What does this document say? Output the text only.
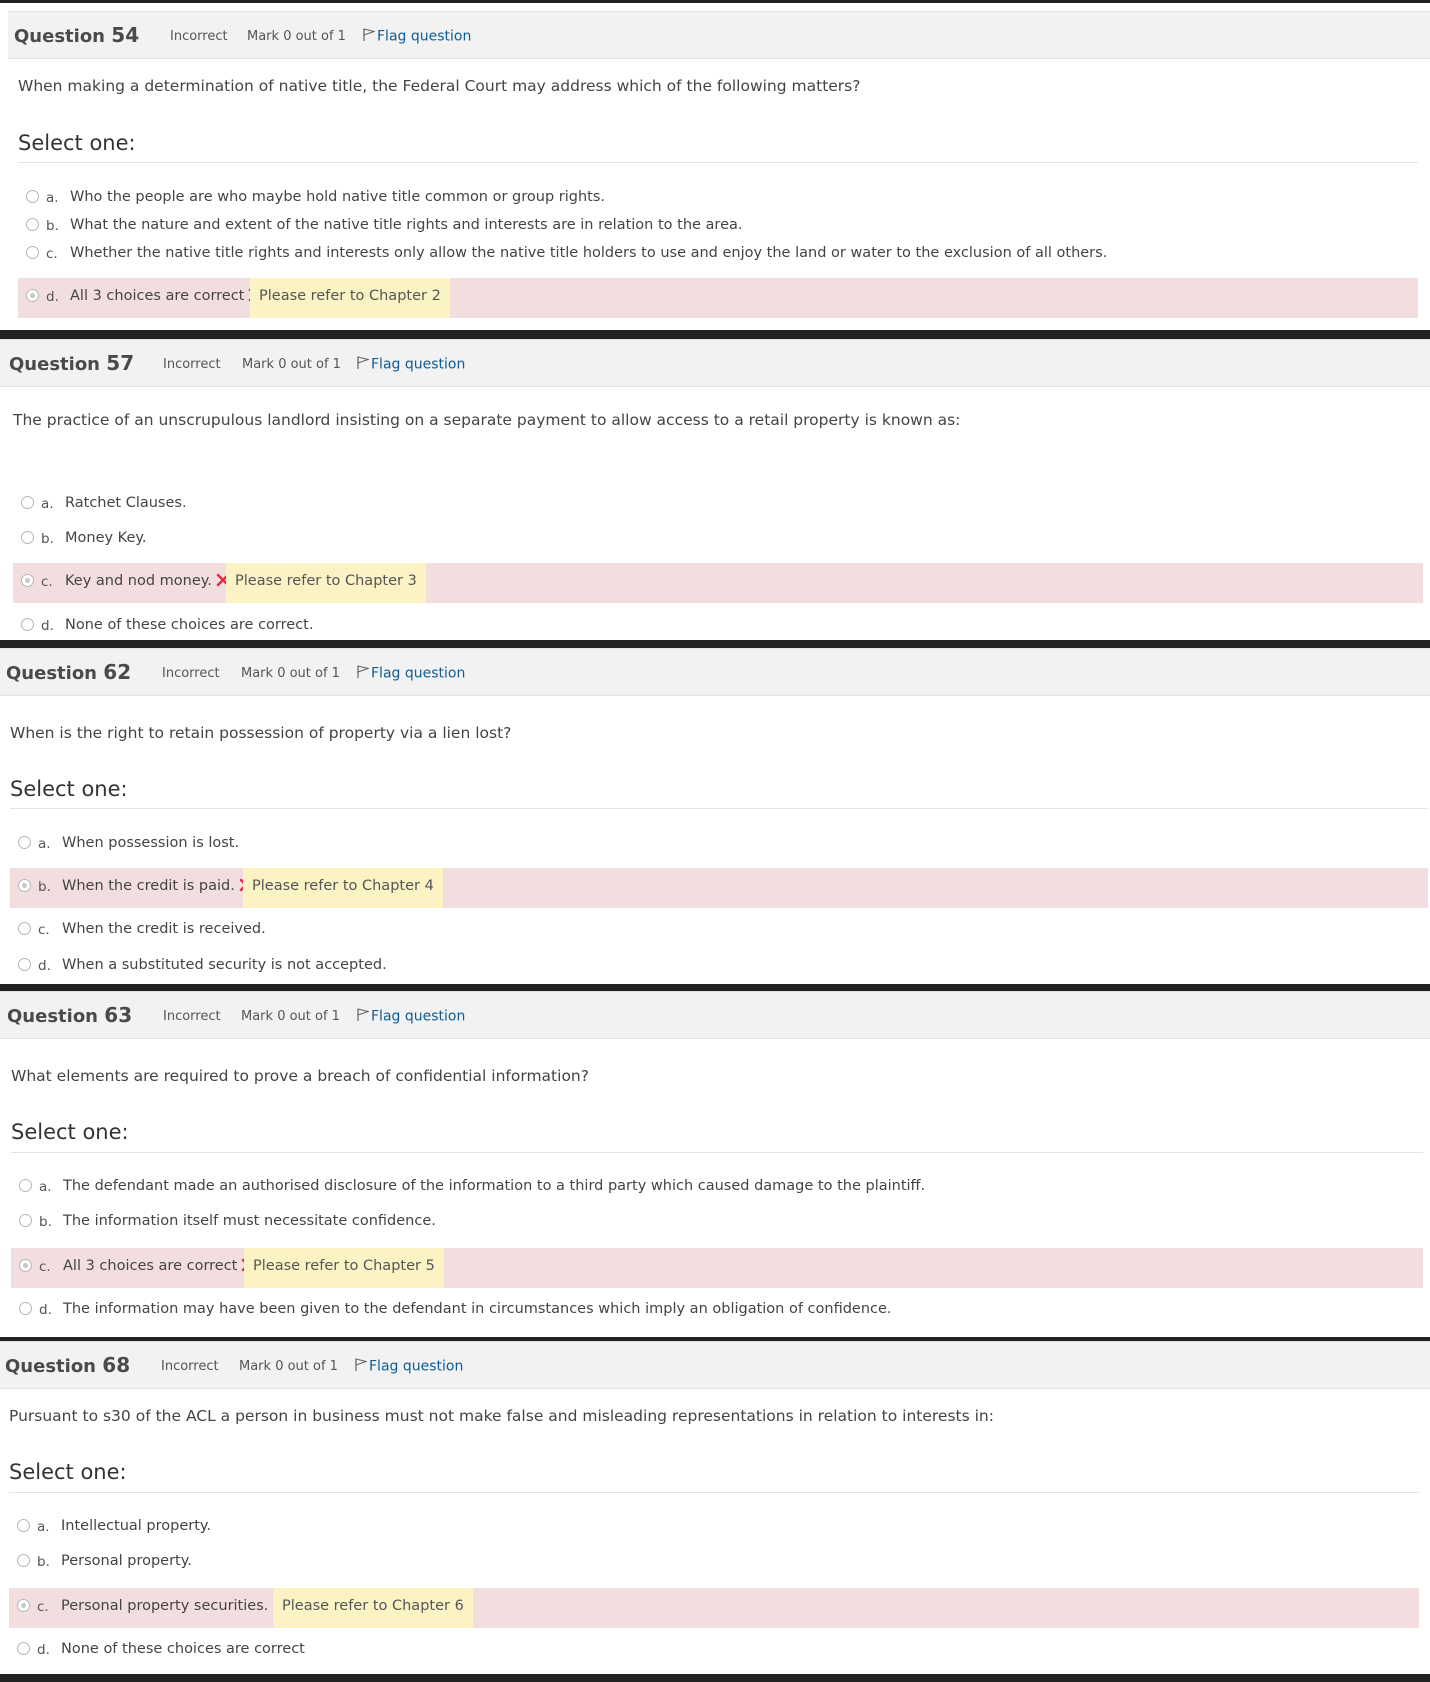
Question 54 Incorrect Mark 0 out of 1	Flag question
When making a determination of native title, the Federal Court may address which of the following matters?
Select one:
a. Who the people are who maybe hold native title common or group rights.
b. What the nature and extent of the native title rights and interests are in relation to the area.
c. Whether the native title rights and interests only allow the native title holders to use and enjoy the land or water to the exclusion of all others.
d. All 3 choices are correct	Please refer to Chapter 2
Question 57 Incorrect Mark 0 out of 1	Flag question
The practice of an unscrupulous landlord insisting on a separate payment to allow access to a retail property is known as:
a. Ratchet Clauses.
b. Money Key.
c. Key and nod money.	Please refer to Chapter 3
d. None of these choices are correct.
Question 62 Incorrect Mark 0 out of 1	Flag question
When is the right to retain possession of property via a lien lost?
Select one:
a. When possession is lost.
b. When the credit is paid.	Please refer to Chapter 4
c. When the credit is received.
d. When a substituted security is not accepted.
Question 63 Incorrect Mark 0 out of 1	Flag question
What elements are required to prove a breach of confidential information?
Select one:
a. The defendant made an authorised disclosure of the information to a third party which caused damage to the plaintiff.
b. The information itself must necessitate confidence.
c. All 3 choices are correct	Please refer to Chapter 5
d. The information may have been given to the defendant in circumstances which imply an obligation of confidence.
Question 68 Incorrect Mark 0 out of 1	Flag question
Pursuant to s30 of the ACL a person in business must not make false and misleading representations in relation to interests in:
Select one:
a. Intellectual property.
b. Personal property.
c. Personal property securities. Please refer to Chapter 6
d. None of these choices are correct
